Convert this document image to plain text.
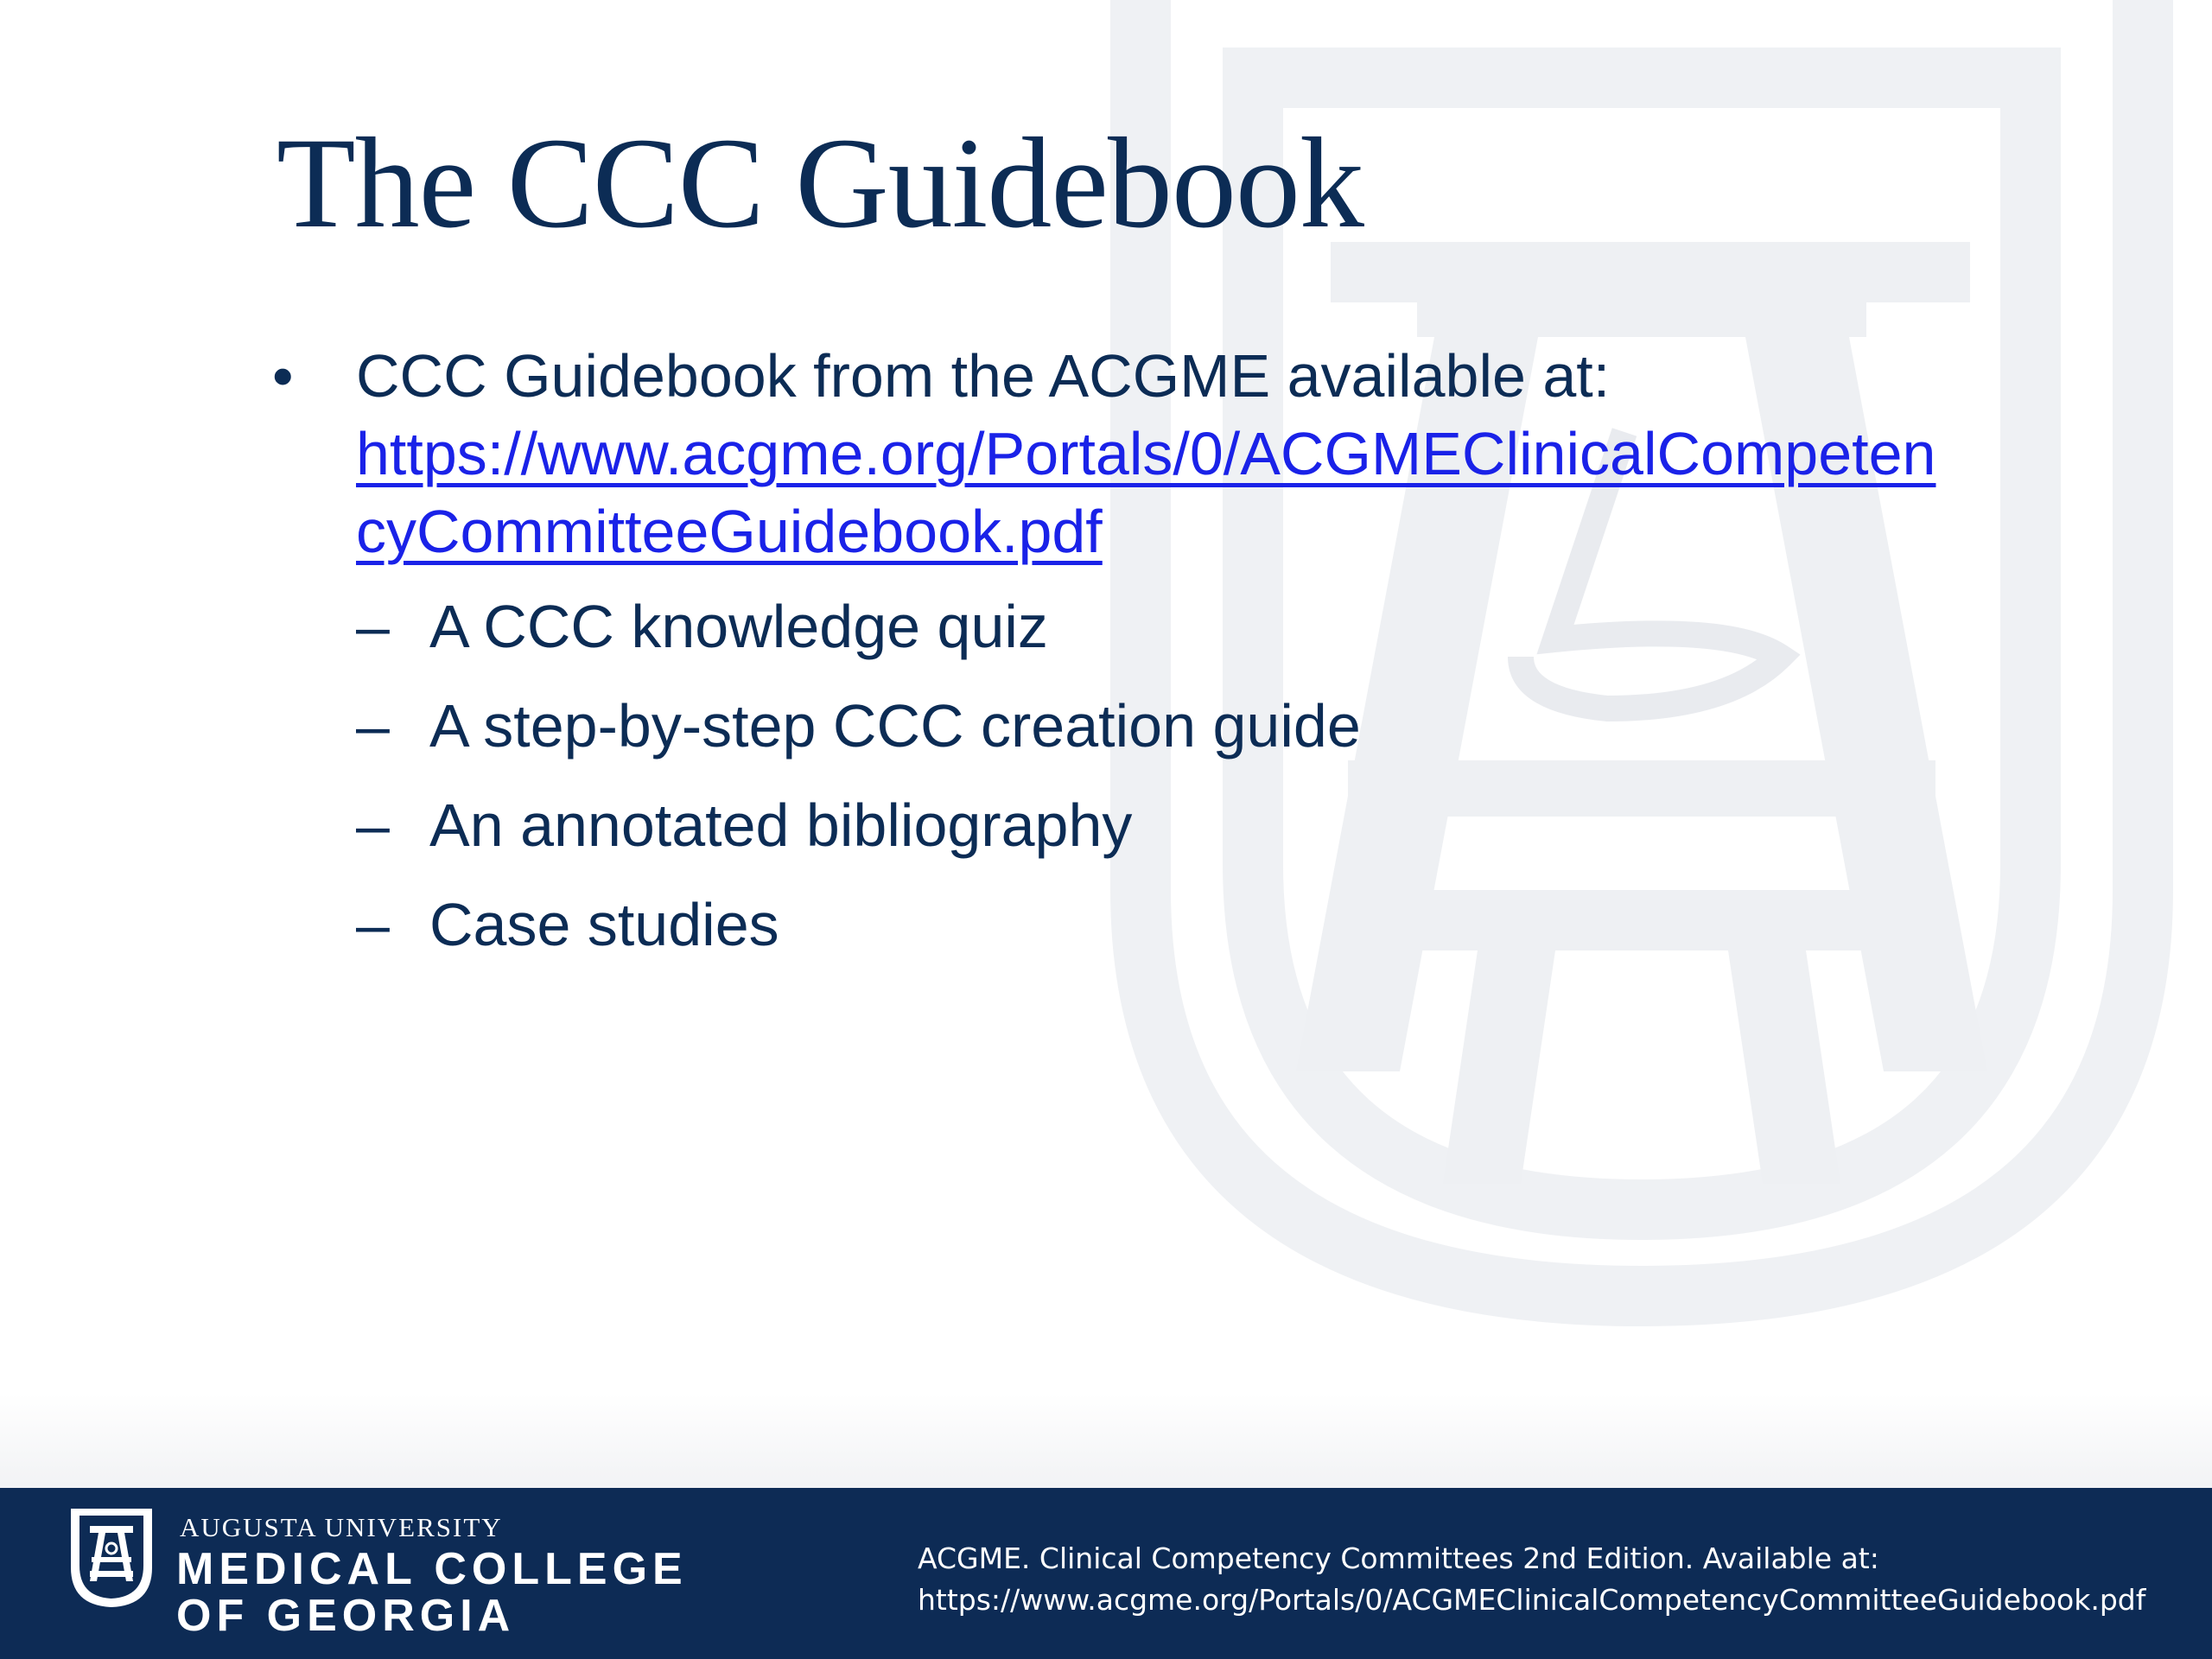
The CCC Guidebook
• CCC Guidebook from the ACGME available at:
https://www.acgme.org/Portals/0/ACGMEClinicalCompetencyCommitteeGuidebook.pdf
– A CCC knowledge quiz
– A step-by-step CCC creation guide
– An annotated bibliography
– Case studies
AUGUSTA UNIVERSITY
MEDICAL COLLEGE
OF GEORGIA
ACGME. Clinical Competency Committees 2nd Edition. Available at:
https://www.acgme.org/Portals/0/ACGMEClinicalCompetencyCommitteeGuidebook.pdf
